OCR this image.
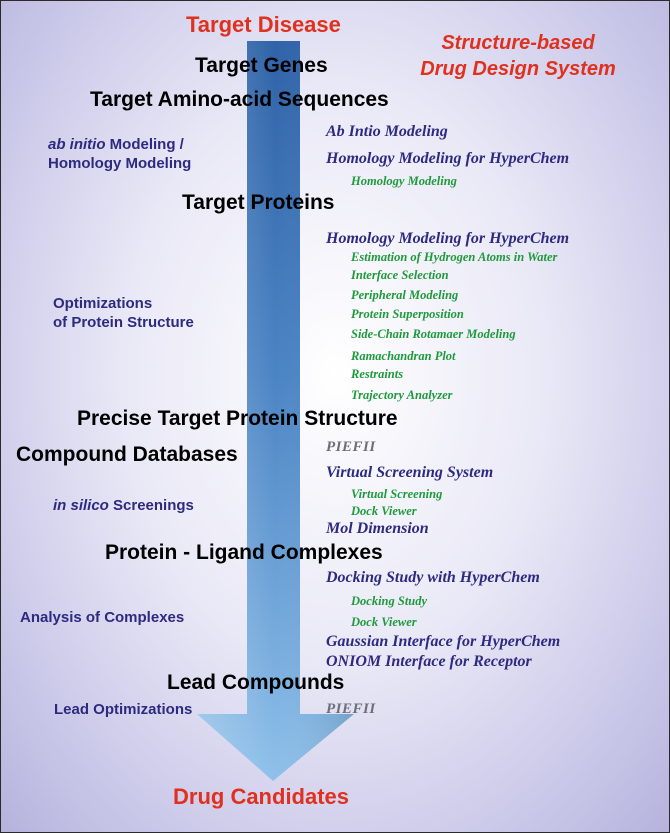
Target Disease
Structure-based
Drug Design System
Drug Candidates
Target Genes
Target Amino-acid Sequences
Target Proteins
Precise Target Protein Structure
Compound Databases
Protein - Ligand Complexes
Lead Compounds
ab initio Modeling /
Homology Modeling
Optimizations
of Protein Structure
in silico Screenings
Analysis of Complexes
Lead Optimizations
Ab Intio Modeling
Homology Modeling for HyperChem
Homology Modeling
Homology Modeling for HyperChem
Estimation of Hydrogen Atoms in Water
Interface Selection
Peripheral Modeling
Protein Superposition
Side-Chain Rotamaer Modeling
Ramachandran Plot
Restraints
Trajectory Analyzer
PIEFII
Virtual Screening System
Virtual Screening
Dock Viewer
Mol Dimension
Docking Study with HyperChem
Docking Study
Dock Viewer
Gaussian Interface for HyperChem
ONIOM Interface for Receptor
PIEFII
